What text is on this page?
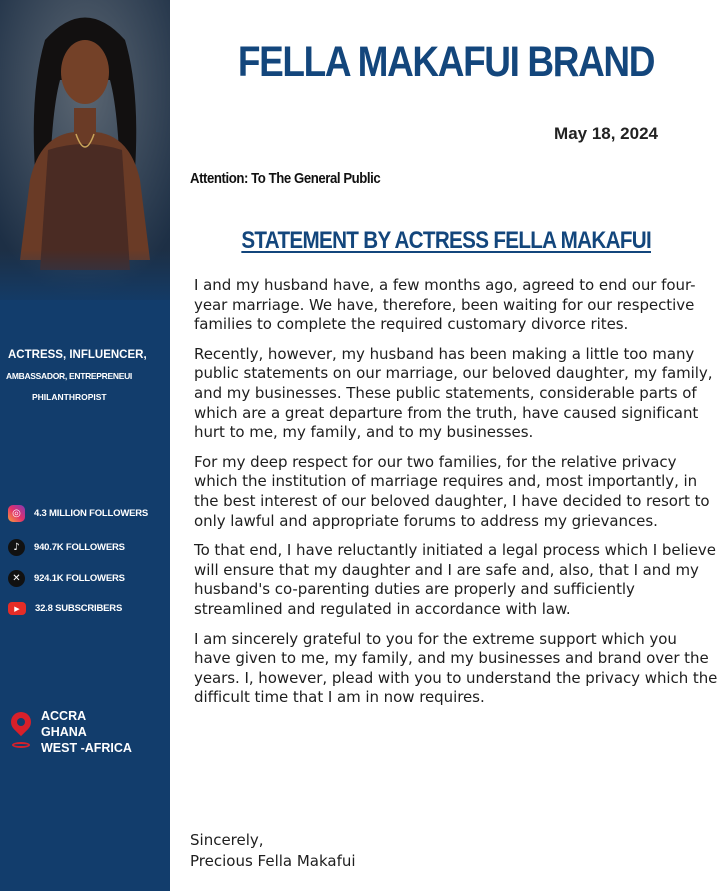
ACTRESS, INFLUENCER,
AMBASSADOR, ENTREPRENEUI
PHILANTHROPIST
◎	4.3 MILLION FOLLOWERS
♪	940.7K FOLLOWERS
✕	924.1K FOLLOWERS
▶	32.8 SUBSCRIBERS
ACCRA
GHANA
WEST -AFRICA
FELLA MAKAFUI BRAND
May 18, 2024
Attention: To The General Public
STATEMENT BY ACTRESS FELLA MAKAFUI

I and my husband have, a few months ago, agreed to end our four-year marriage. We have, therefore, been waiting for our respective families to complete the required customary divorce rites.

Recently, however, my husband has been making a little too many public statements on our marriage, our beloved daughter, my family, and my businesses. These public statements, considerable parts of which are a great departure from the truth, have caused significant hurt to me, my family, and to my businesses.

For my deep respect for our two families, for the relative privacy which the institution of marriage requires and, most importantly, in the best interest of our beloved daughter, I have decided to resort to only lawful and appropriate forums to address my grievances.

To that end, I have reluctantly initiated a legal process which I believe will ensure that my daughter and I are safe and, also, that I and my husband's co-parenting duties are properly and sufficiently streamlined and regulated in accordance with law.

I am sincerely grateful to you for the extreme support which you have given to me, my family, and my businesses and brand over the years. I, however, plead with you to understand the privacy which the difficult time that I am in now requires.

Sincerely,
Precious Fella Makafui
